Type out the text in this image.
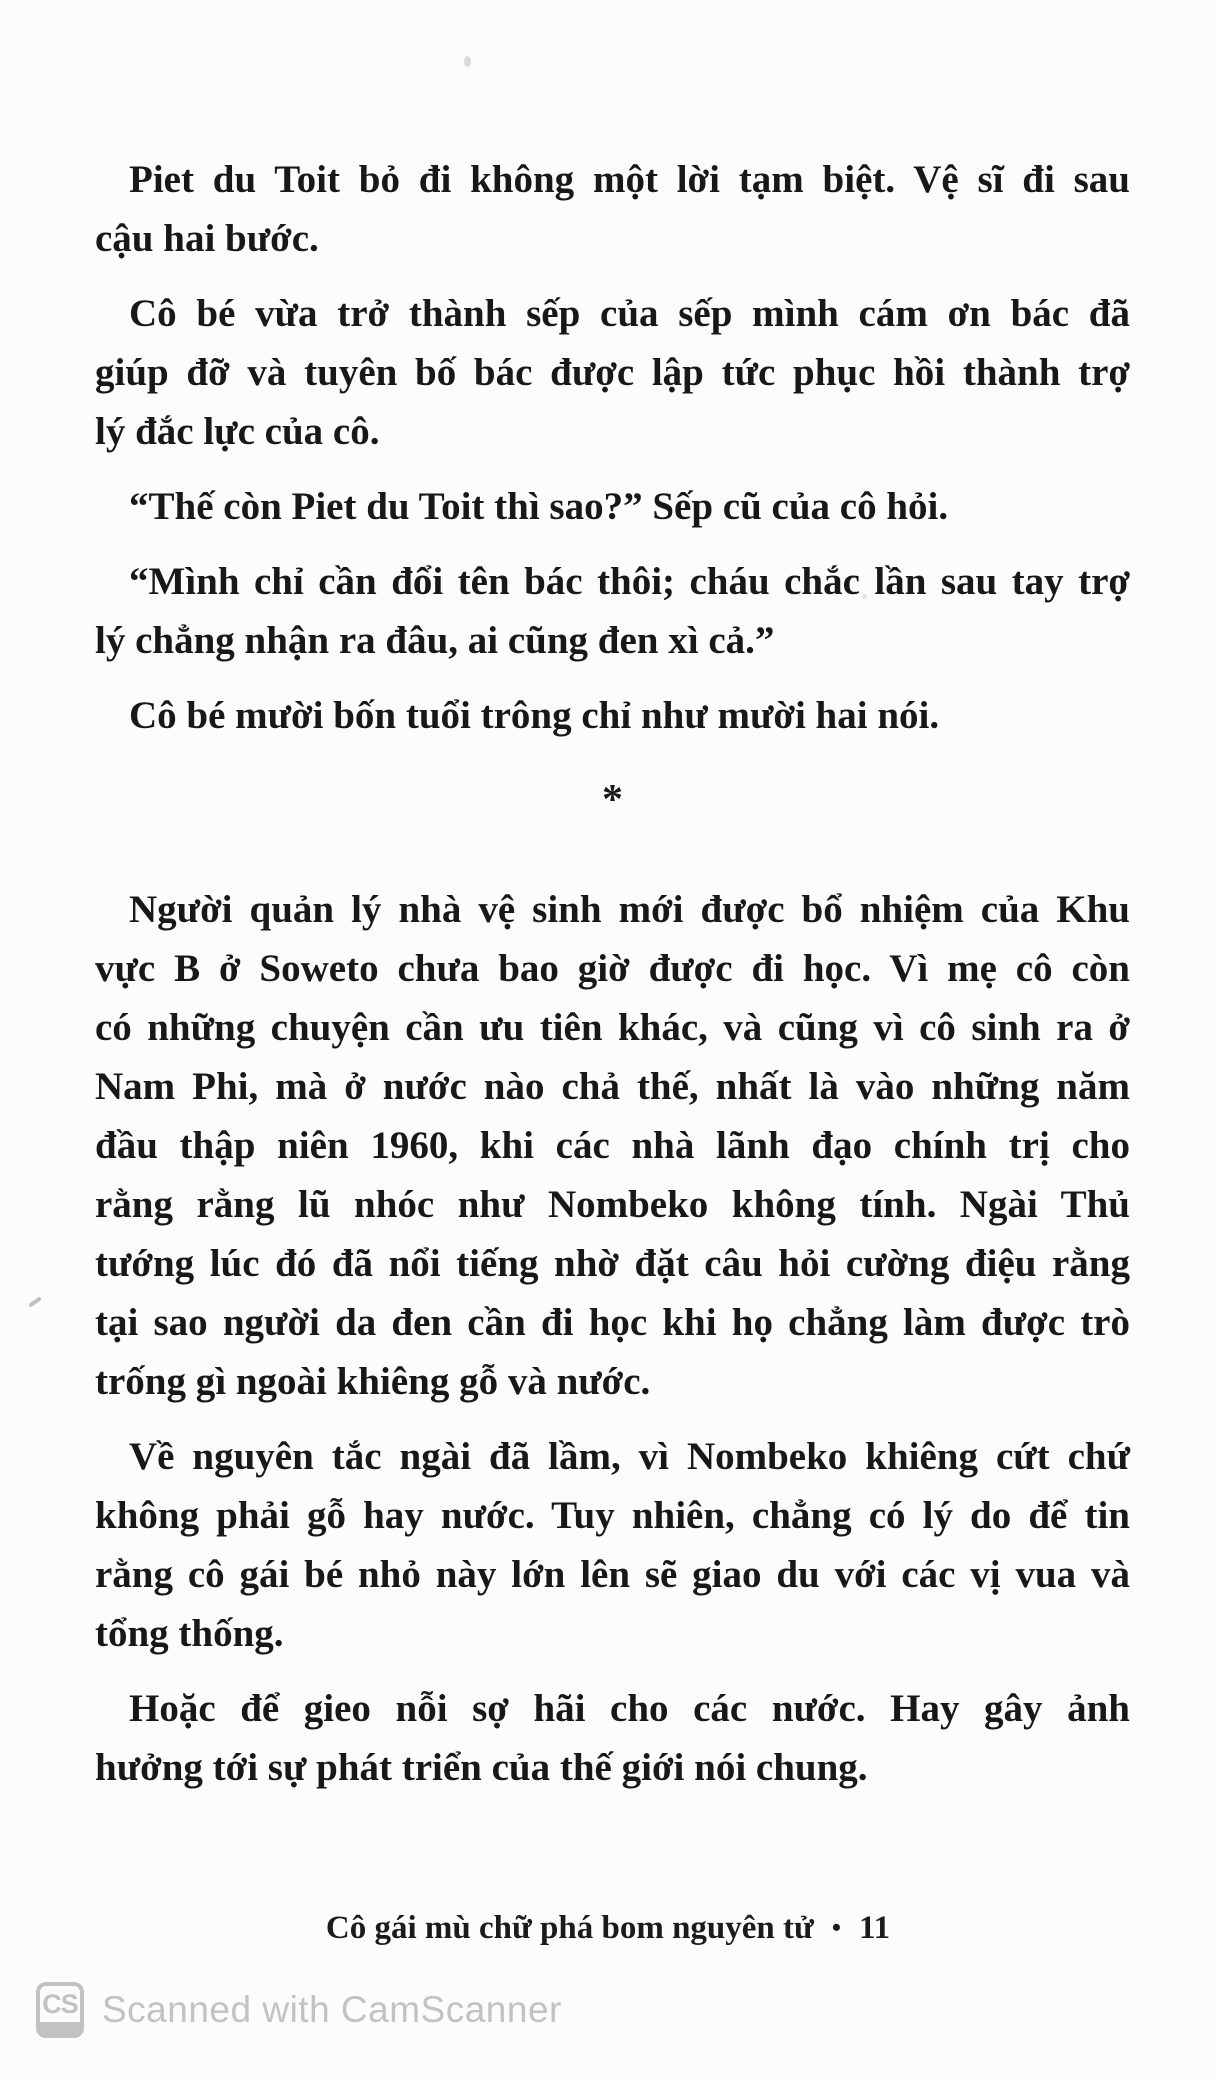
Piet du Toit bỏ đi không một lời tạm biệt. Vệ sĩ đi sau
cậu hai bước.
Cô bé vừa trở thành sếp của sếp mình cám ơn bác đã
giúp đỡ và tuyên bố bác được lập tức phục hồi thành trợ
lý đắc lực của cô.
“Thế còn Piet du Toit thì sao?” Sếp cũ của cô hỏi.
“Mình chỉ cần đổi tên bác thôi; cháu chắc lần sau tay trợ
lý chẳng nhận ra đâu, ai cũng đen xì cả.”
Cô bé mười bốn tuổi trông chỉ như mười hai nói.
*
Người quản lý nhà vệ sinh mới được bổ nhiệm của Khu
vực B ở Soweto chưa bao giờ được đi học. Vì mẹ cô còn
có những chuyện cần ưu tiên khác, và cũng vì cô sinh ra ở
Nam Phi, mà ở nước nào chả thế, nhất là vào những năm
đầu thập niên 1960, khi các nhà lãnh đạo chính trị cho
rằng rằng lũ nhóc như Nombeko không tính. Ngài Thủ
tướng lúc đó đã nổi tiếng nhờ đặt câu hỏi cường điệu rằng
tại sao người da đen cần đi học khi họ chẳng làm được trò
trống gì ngoài khiêng gỗ và nước.
Về nguyên tắc ngài đã lầm, vì Nombeko khiêng cứt chứ
không phải gỗ hay nước. Tuy nhiên, chẳng có lý do để tin
rằng cô gái bé nhỏ này lớn lên sẽ giao du với các vị vua và
tổng thống.
Hoặc để gieo nỗi sợ hãi cho các nước. Hay gây ảnh
hưởng tới sự phát triển của thế giới nói chung.
Cô gái mù chữ phá bom nguyên tử • 11
CS Scanned with CamScanner
